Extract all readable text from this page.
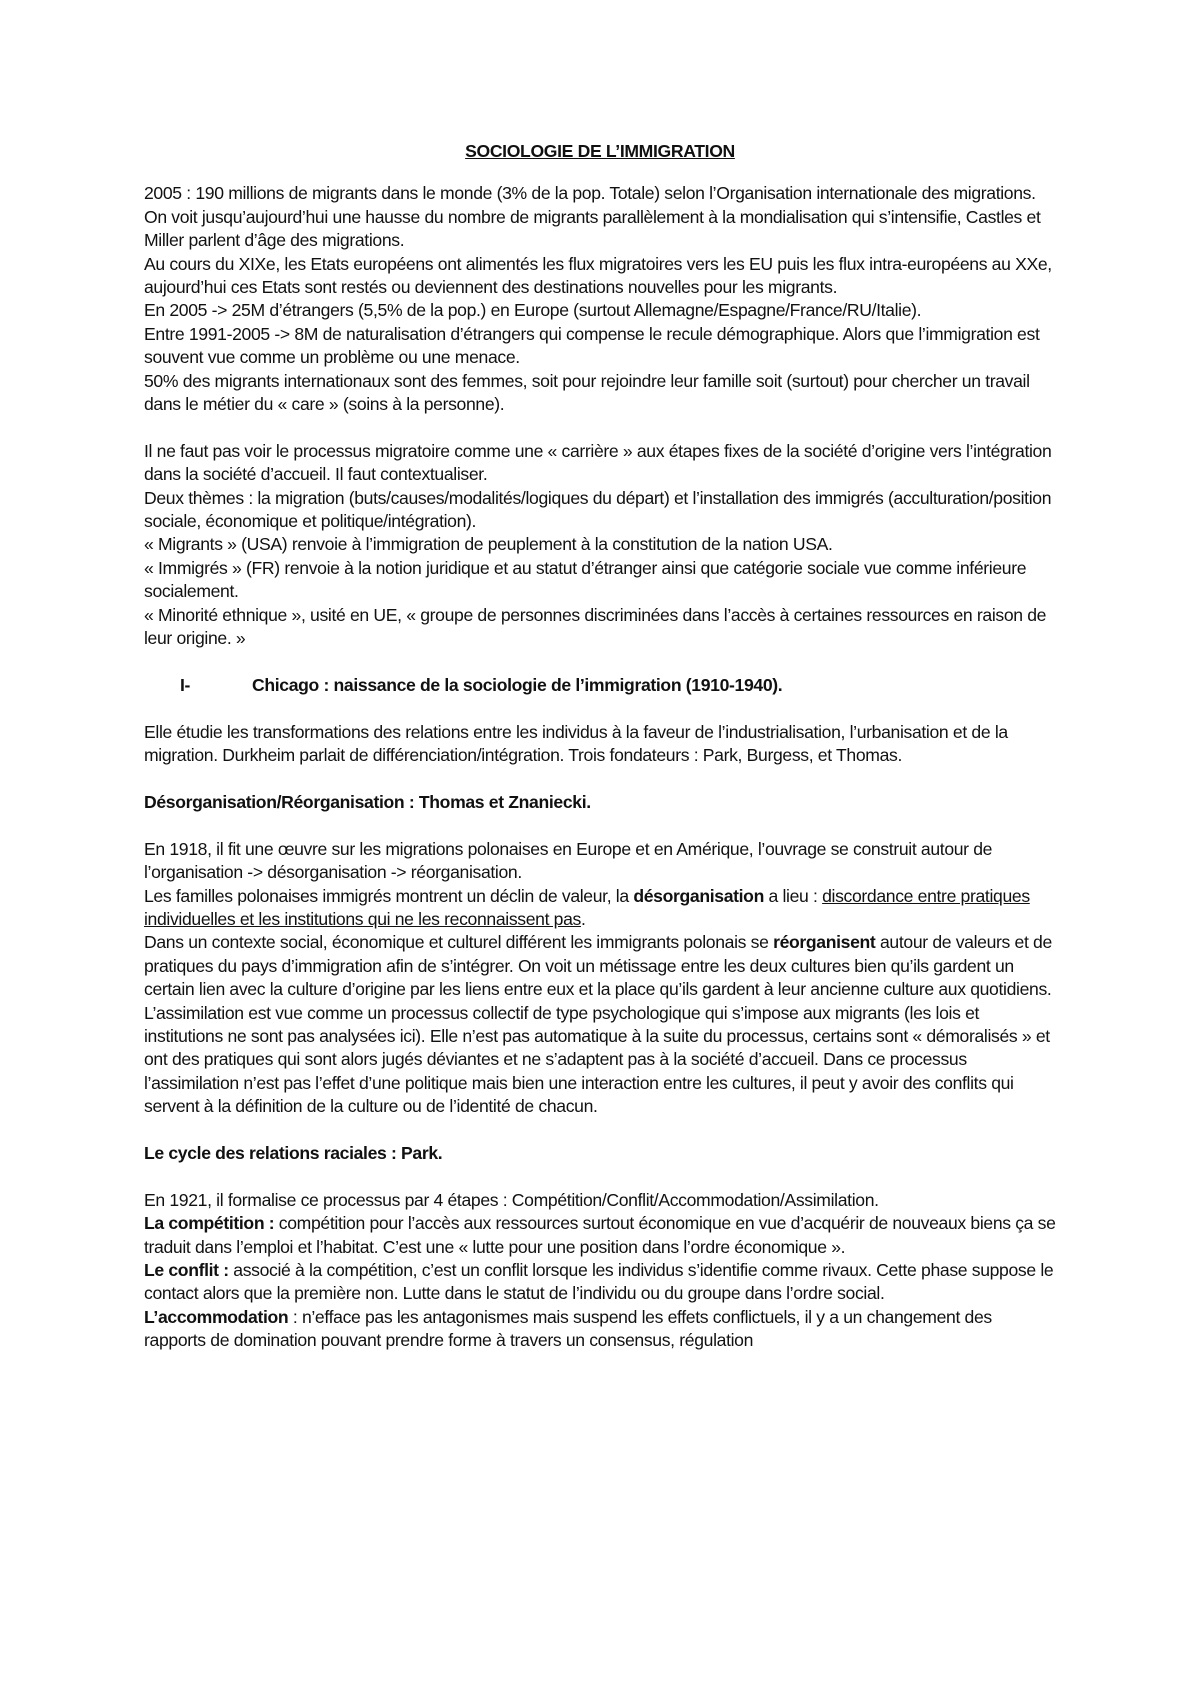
SOCIOLOGIE DE L’IMMIGRATION

2005 : 190 millions de migrants dans le monde (3% de la pop. Totale) selon l’Organisation internationale des migrations. On voit jusqu’aujourd’hui une hausse du nombre de migrants parallèlement à la mondialisation qui s’intensifie, Castles et Miller parlent d’âge des migrations.

Au cours du XIXe, les Etats européens ont alimentés les flux migratoires vers les EU puis les flux intra-européens au XXe, aujourd’hui ces Etats sont restés ou deviennent des destinations nouvelles pour les migrants.

En 2005 -> 25M d’étrangers (5,5% de la pop.) en Europe (surtout Allemagne/Espagne/France/RU/Italie).

Entre 1991-2005 -> 8M de naturalisation d’étrangers qui compense le recule démographique. Alors que l’immigration est souvent vue comme un problème ou une menace.

50% des migrants internationaux sont des femmes, soit pour rejoindre leur famille soit (surtout) pour chercher un travail dans le métier du « care » (soins à la personne).

Il ne faut pas voir le processus migratoire comme une « carrière » aux étapes fixes de la société d’origine vers l’intégration dans la société d’accueil. Il faut contextualiser.

Deux thèmes : la migration (buts/causes/modalités/logiques du départ) et l’installation des immigrés (acculturation/position sociale, économique et politique/intégration).

« Migrants » (USA) renvoie à l’immigration de peuplement à la constitution de la nation USA.

« Immigrés » (FR) renvoie à la notion juridique et au statut d’étranger ainsi que catégorie sociale vue comme inférieure socialement.

« Minorité ethnique », usité en UE, « groupe de personnes discriminées dans l’accès à certaines ressources en raison de leur origine. »

I-	Chicago : naissance de la sociologie de l’immigration (1910-1940).

Elle étudie les transformations des relations entre les individus à la faveur de l’industrialisation, l’urbanisation et de la migration. Durkheim parlait de différenciation/intégration. Trois fondateurs : Park, Burgess, et Thomas.

Désorganisation/Réorganisation : Thomas et Znaniecki.

En 1918, il fit une œuvre sur les migrations polonaises en Europe et en Amérique, l’ouvrage se construit autour de l’organisation -> désorganisation -> réorganisation.

Les familles polonaises immigrés montrent un déclin de valeur, la désorganisation a lieu : discordance entre pratiques individuelles et les institutions qui ne les reconnaissent pas.

Dans un contexte social, économique et culturel différent les immigrants polonais se réorganisent autour de valeurs et de pratiques du pays d’immigration afin de s’intégrer. On voit un métissage entre les deux cultures bien qu’ils gardent un certain lien avec la culture d’origine par les liens entre eux et la place qu’ils gardent à leur ancienne culture aux quotidiens.

L’assimilation est vue comme un processus collectif de type psychologique qui s’impose aux migrants (les lois et institutions ne sont pas analysées ici). Elle n’est pas automatique à la suite du processus, certains sont « démoralisés » et ont des pratiques qui sont alors jugés déviantes et ne s’adaptent pas à la société d’accueil. Dans ce processus l’assimilation n’est pas l’effet d’une politique mais bien une interaction entre les cultures, il peut y avoir des conflits qui servent à la définition de la culture ou de l’identité de chacun.

Le cycle des relations raciales : Park.

En 1921, il formalise ce processus par 4 étapes : Compétition/Conflit/Accommodation/Assimilation.

La compétition : compétition pour l’accès aux ressources surtout économique en vue d’acquérir de nouveaux biens ça se traduit dans l’emploi et l’habitat. C’est une « lutte pour une position dans l’ordre économique ».

Le conflit : associé à la compétition, c’est un conflit lorsque les individus s’identifie comme rivaux. Cette phase suppose le contact alors que la première non. Lutte dans le statut de l’individu ou du groupe dans l’ordre social.

L’accommodation : n’efface pas les antagonismes mais suspend les effets conflictuels, il y a un changement des rapports de domination pouvant prendre forme à travers un consensus, régulation
